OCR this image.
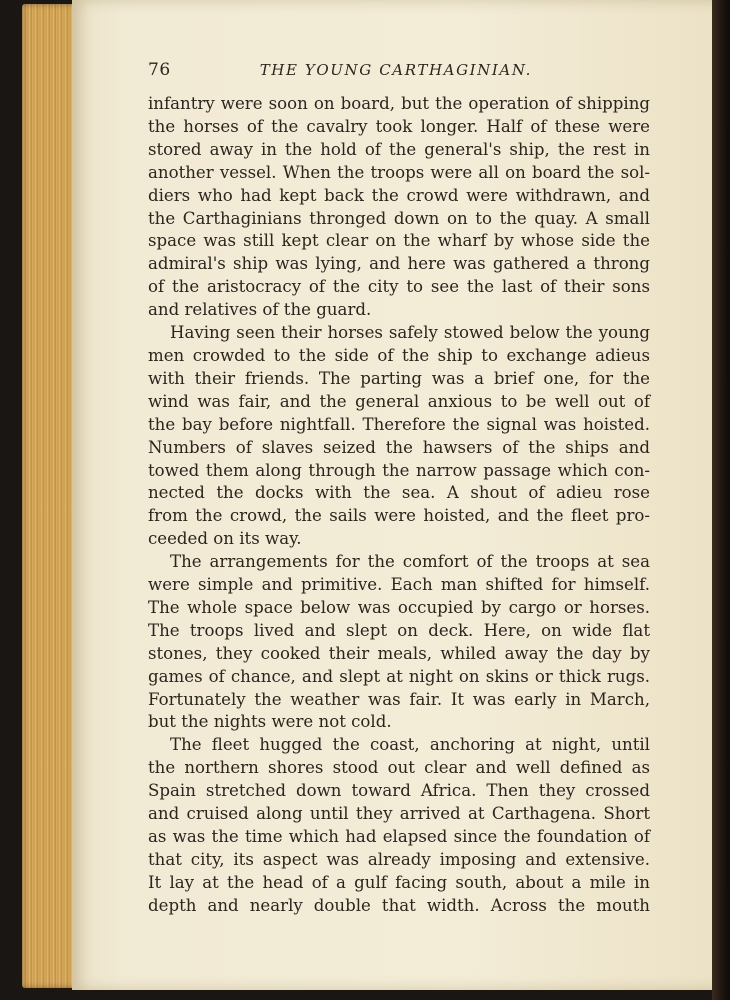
76	THE YOUNG CARTHAGINIAN.
infantry were soon on board, but the operation of shipping
the horses of the cavalry took longer. Half of these were
stored away in the hold of the general's ship, the rest in
another vessel. When the troops were all on board the sol-
diers who had kept back the crowd were withdrawn, and
the Carthaginians thronged down on to the quay. A small
space was still kept clear on the wharf by whose side the
admiral's ship was lying, and here was gathered a throng
of the aristocracy of the city to see the last of their sons
and relatives of the guard.
Having seen their horses safely stowed below the young
men crowded to the side of the ship to exchange adieus
with their friends. The parting was a brief one, for the
wind was fair, and the general anxious to be well out of
the bay before nightfall. Therefore the signal was hoisted.
Numbers of slaves seized the hawsers of the ships and
towed them along through the narrow passage which con-
nected the docks with the sea. A shout of adieu rose
from the crowd, the sails were hoisted, and the fleet pro-
ceeded on its way.
The arrangements for the comfort of the troops at sea
were simple and primitive. Each man shifted for himself.
The whole space below was occupied by cargo or horses.
The troops lived and slept on deck. Here, on wide flat
stones, they cooked their meals, whiled away the day by
games of chance, and slept at night on skins or thick rugs.
Fortunately the weather was fair. It was early in March,
but the nights were not cold.
The fleet hugged the coast, anchoring at night, until
the northern shores stood out clear and well defined as
Spain stretched down toward Africa. Then they crossed
and cruised along until they arrived at Carthagena. Short
as was the time which had elapsed since the foundation of
that city, its aspect was already imposing and extensive.
It lay at the head of a gulf facing south, about a mile in
depth and nearly double that width. Across the mouth
